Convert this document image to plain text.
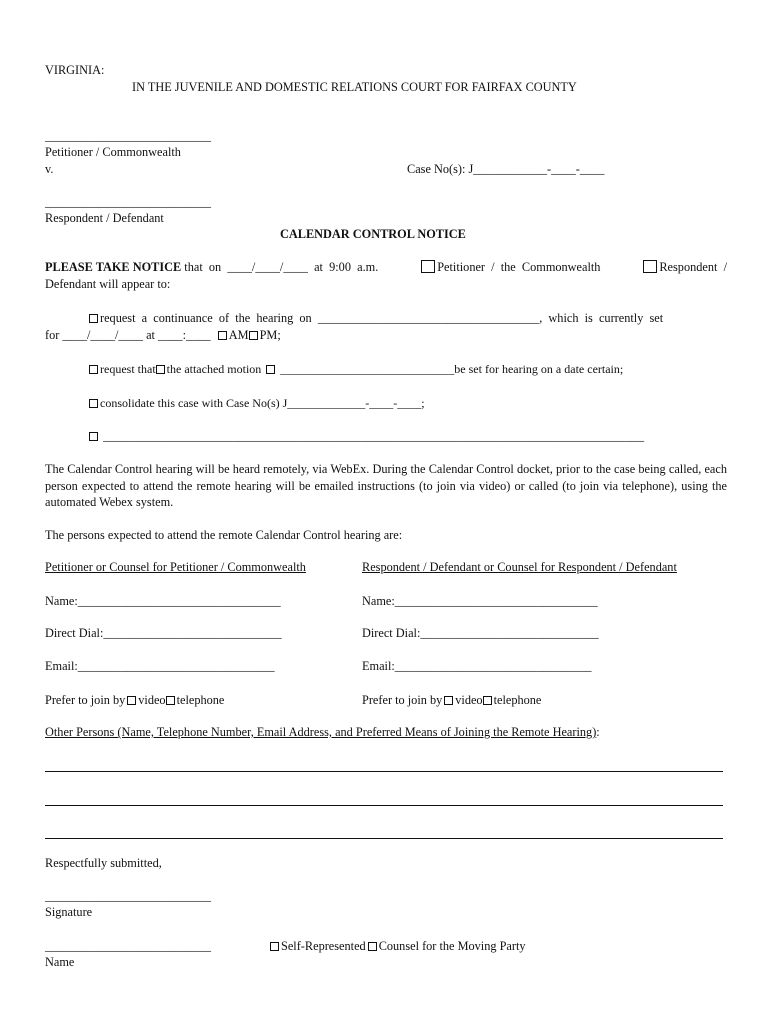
VIRGINIA:
IN THE JUVENILE AND DOMESTIC RELATIONS COURT FOR FAIRFAX COUNTY
___________________________
Petitioner / Commonwealth
v.	Case No(s): J____________-____-____
___________________________
Respondent / Defendant
CALENDAR CONTROL NOTICE
PLEASE TAKE NOTICE that  on  ____/____/____  at  9:00  a.m.	Petitioner  /  the  Commonwealth	Respondent  /
Defendant will appear to:
request  a  continuance  of  the  hearing  on  ____________________________________,  which  is  currently  set
for ____/____/____ at ____:____ AM PM;
request that the attached motion _____________________________be set for hearing on a date certain;
consolidate this case with Case No(s) J_____________-____-____;
________________________________________________________________________________________
The Calendar Control hearing will be heard remotely, via WebEx. During the Calendar Control docket, prior to the case being called, each person expected to attend the remote hearing will be emailed instructions (to join via video) or called (to join via telephone), using the automated Webex system.
The persons expected to attend the remote Calendar Control hearing are:
Petitioner or Counsel for Petitioner / Commonwealth	Respondent / Defendant or Counsel for Respondent / Defendant
Name:_________________________________	Name:_________________________________
Direct Dial:_____________________________	Direct Dial:_____________________________
Email:________________________________	Email:________________________________
Prefer to join by video telephone	Prefer to join by video telephone
Other Persons (Name, Telephone Number, Email Address, and Preferred Means of Joining the Remote Hearing):
Respectfully submitted,
___________________________
Signature
___________________________
Name
Self-Represented Counsel for the Moving Party
